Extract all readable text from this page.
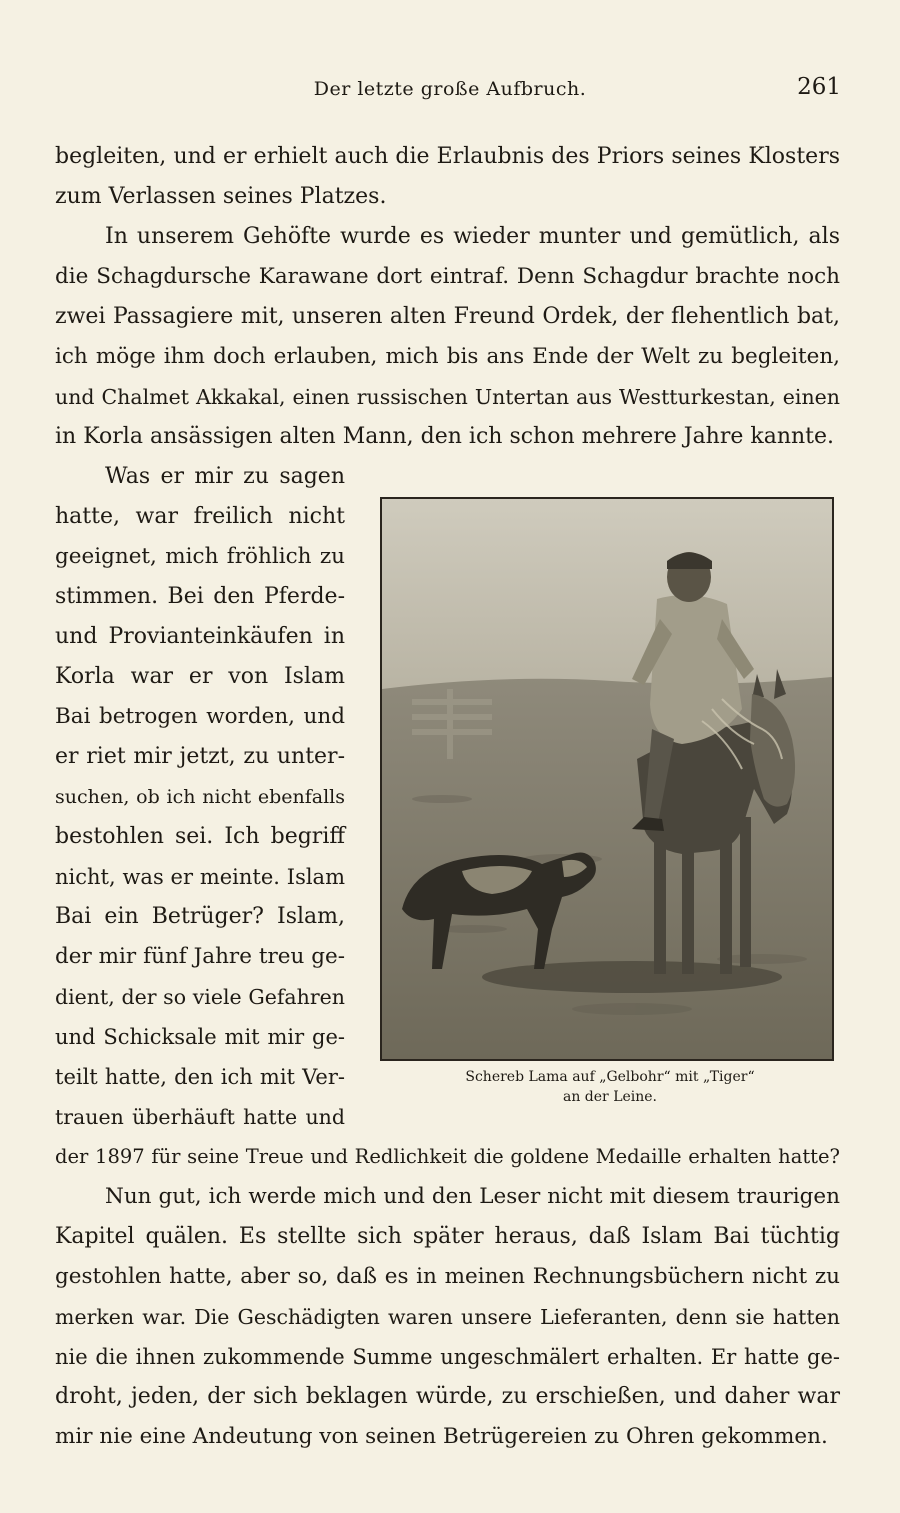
Der letzte große Aufbruch.	261
begleiten, und er erhielt auch die Erlaubnis des Priors seines Klosters
zum Verlassen seines Platzes.
In unserem Gehöfte wurde es wieder munter und gemütlich, als
die Schagdursche Karawane dort eintraf. Denn Schagdur brachte noch
zwei Passagiere mit, unseren alten Freund Ordek, der flehentlich bat,
ich möge ihm doch erlauben, mich bis ans Ende der Welt zu begleiten,
und Chalmet Akkakal, einen russischen Untertan aus Westturkestan, einen
in Korla ansässigen alten Mann, den ich schon mehrere Jahre kannte.
Was er mir zu sagen
hatte, war freilich nicht
geeignet, mich fröhlich zu
stimmen. Bei den Pferde-
und Provianteinkäufen in
Korla war er von Islam
Bai betrogen worden, und
er riet mir jetzt, zu unter-
suchen, ob ich nicht ebenfalls
bestohlen sei. Ich begriff
nicht, was er meinte. Islam
Bai ein Betrüger? Islam,
der mir fünf Jahre treu ge-
dient, der so viele Gefahren
und Schicksale mit mir ge-
teilt hatte, den ich mit Ver-
trauen überhäuft hatte und
Schereb Lama auf „Gelbohr“ mit „Tiger“
an der Leine.
der 1897 für seine Treue und Redlichkeit die goldene Medaille erhalten hatte?
Nun gut, ich werde mich und den Leser nicht mit diesem traurigen
Kapitel quälen. Es stellte sich später heraus, daß Islam Bai tüchtig
gestohlen hatte, aber so, daß es in meinen Rechnungsbüchern nicht zu
merken war. Die Geschädigten waren unsere Lieferanten, denn sie hatten
nie die ihnen zukommende Summe ungeschmälert erhalten. Er hatte ge-
droht, jeden, der sich beklagen würde, zu erschießen, und daher war
mir nie eine Andeutung von seinen Betrügereien zu Ohren gekommen.
